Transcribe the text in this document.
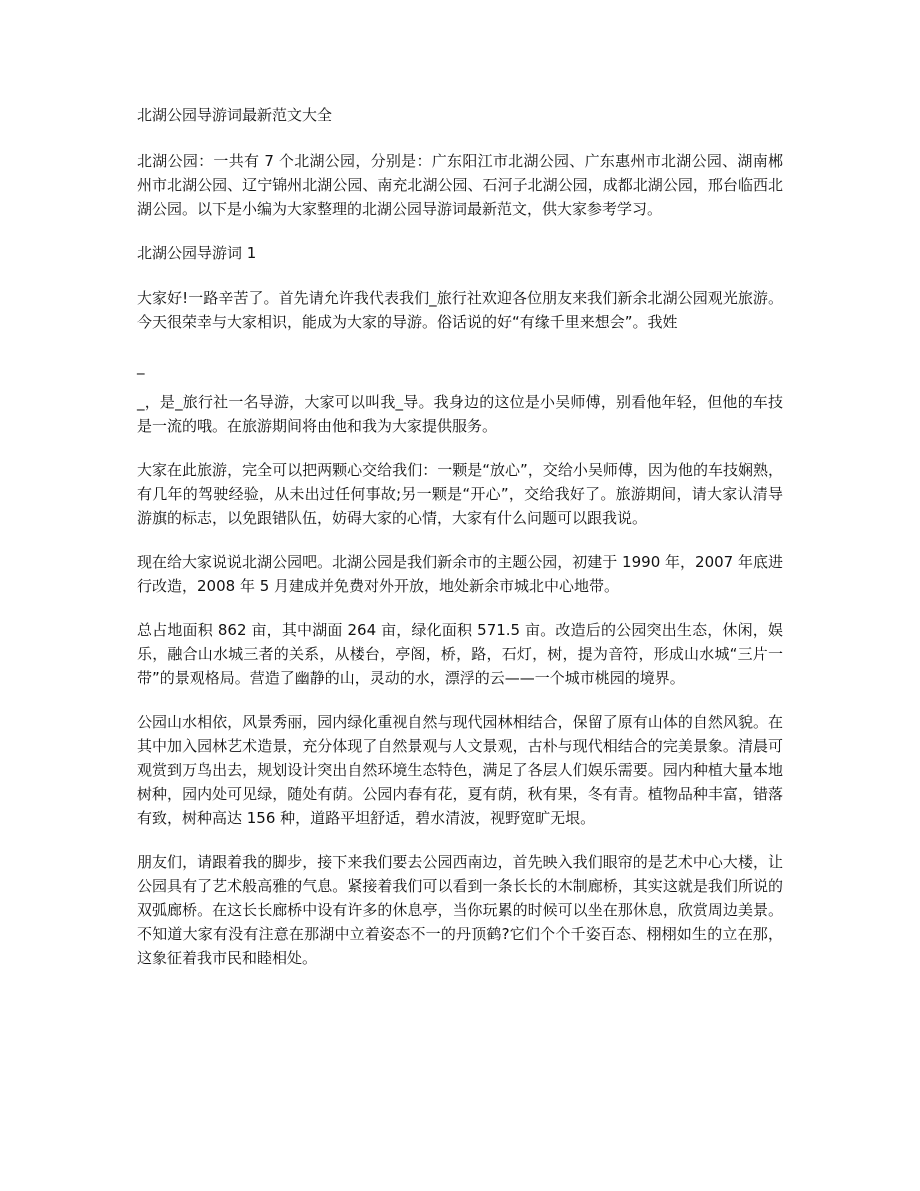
北湖公园导游词最新范文大全

北湖公园：一共有 7 个北湖公园，分别是：广东阳江市北湖公园、广东惠州市北湖公园、湖南郴州市北湖公园、辽宁锦州北湖公园、南充北湖公园、石河子北湖公园，成都北湖公园，邢台临西北湖公园。以下是小编为大家整理的北湖公园导游词最新范文，供大家参考学习。

北湖公园导游词 1

大家好!一路辛苦了。首先请允许我代表我们_旅行社欢迎各位朋友来我们新余北湖公园观光旅游。今天很荣幸与大家相识，能成为大家的导游。俗话说的好“有缘千里来想会”。我姓

_

_，是_旅行社一名导游，大家可以叫我_导。我身边的这位是小吴师傅，别看他年轻，但他的车技是一流的哦。在旅游期间将由他和我为大家提供服务。

大家在此旅游，完全可以把两颗心交给我们：一颗是“放心”，交给小吴师傅，因为他的车技娴熟，有几年的驾驶经验，从未出过任何事故;另一颗是“开心”，交给我好了。旅游期间，请大家认清导游旗的标志，以免跟错队伍，妨碍大家的心情，大家有什么问题可以跟我说。

现在给大家说说北湖公园吧。北湖公园是我们新余市的主题公园，初建于 1990 年，2007 年底进行改造，2008 年 5 月建成并免费对外开放，地处新余市城北中心地带。

总占地面积 862 亩，其中湖面 264 亩，绿化面积 571.5 亩。改造后的公园突出生态，休闲，娱乐，融合山水城三者的关系，从楼台，亭阁，桥，路，石灯，树，提为音符，形成山水城“三片一带”的景观格局。营造了幽静的山，灵动的水，漂浮的云——一个城市桃园的境界。

公园山水相依，风景秀丽，园内绿化重视自然与现代园林相结合，保留了原有山体的自然风貌。在其中加入园林艺术造景，充分体现了自然景观与人文景观，古朴与现代相结合的完美景象。清晨可观赏到万鸟出去，规划设计突出自然环境生态特色，满足了各层人们娱乐需要。园内种植大量本地树种，园内处可见绿，随处有荫。公园内春有花，夏有荫，秋有果，冬有青。植物品种丰富，错落有致，树种高达 156 种，道路平坦舒适，碧水清波，视野宽旷无垠。

朋友们，请跟着我的脚步，接下来我们要去公园西南边，首先映入我们眼帘的是艺术中心大楼，让公园具有了艺术般高雅的气息。紧接着我们可以看到一条长长的木制廊桥，其实这就是我们所说的双弧廊桥。在这长长廊桥中设有许多的休息亭，当你玩累的时候可以坐在那休息，欣赏周边美景。不知道大家有没有注意在那湖中立着姿态不一的丹顶鹤?它们个个千姿百态、栩栩如生的立在那，这象征着我市民和睦相处。
